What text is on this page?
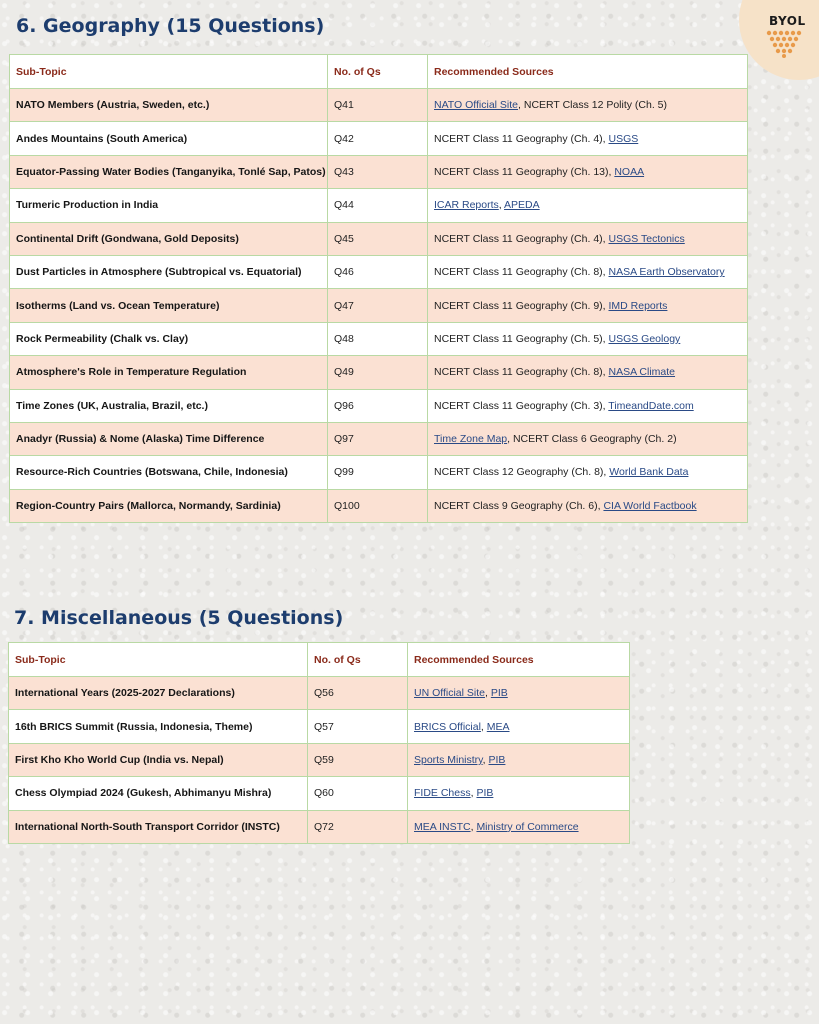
BYOL
6. Geography (15 Questions)
Sub-Topic	No. of Qs	Recommended Sources
NATO Members (Austria, Sweden, etc.)	Q41	NATO Official Site, NCERT Class 12 Polity (Ch. 5)
Andes Mountains (South America)	Q42	NCERT Class 11 Geography (Ch. 4), USGS
Equator-Passing Water Bodies (Tanganyika, Tonlé Sap, Patos)	Q43	NCERT Class 11 Geography (Ch. 13), NOAA
Turmeric Production in India	Q44	ICAR Reports, APEDA
Continental Drift (Gondwana, Gold Deposits)	Q45	NCERT Class 11 Geography (Ch. 4), USGS Tectonics
Dust Particles in Atmosphere (Subtropical vs. Equatorial)	Q46	NCERT Class 11 Geography (Ch. 8), NASA Earth Observatory
Isotherms (Land vs. Ocean Temperature)	Q47	NCERT Class 11 Geography (Ch. 9), IMD Reports
Rock Permeability (Chalk vs. Clay)	Q48	NCERT Class 11 Geography (Ch. 5), USGS Geology
Atmosphere's Role in Temperature Regulation	Q49	NCERT Class 11 Geography (Ch. 8), NASA Climate
Time Zones (UK, Australia, Brazil, etc.)	Q96	NCERT Class 11 Geography (Ch. 3), TimeandDate.com
Anadyr (Russia) & Nome (Alaska) Time Difference	Q97	Time Zone Map, NCERT Class 6 Geography (Ch. 2)
Resource-Rich Countries (Botswana, Chile, Indonesia)	Q99	NCERT Class 12 Geography (Ch. 8), World Bank Data
Region-Country Pairs (Mallorca, Normandy, Sardinia)	Q100	NCERT Class 9 Geography (Ch. 6), CIA World Factbook
7. Miscellaneous (5 Questions)
Sub-Topic	No. of Qs	Recommended Sources
International Years (2025-2027 Declarations)	Q56	UN Official Site, PIB
16th BRICS Summit (Russia, Indonesia, Theme)	Q57	BRICS Official, MEA
First Kho Kho World Cup (India vs. Nepal)	Q59	Sports Ministry, PIB
Chess Olympiad 2024 (Gukesh, Abhimanyu Mishra)	Q60	FIDE Chess, PIB
International North-South Transport Corridor (INSTC)	Q72	MEA INSTC, Ministry of Commerce
